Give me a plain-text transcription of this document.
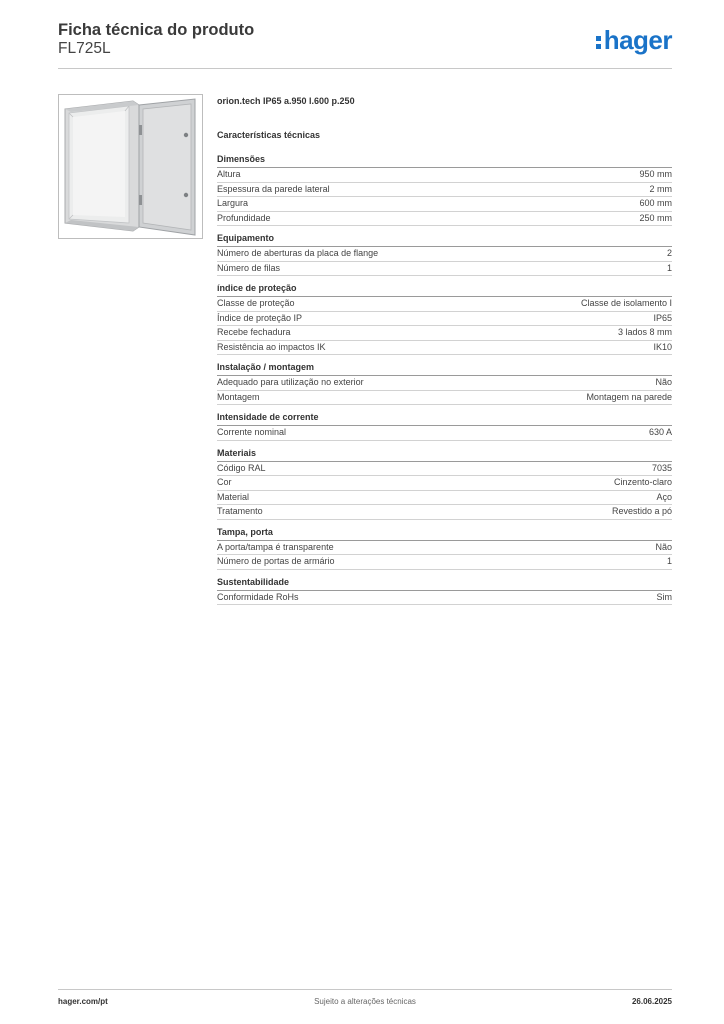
Ficha técnica do produto
FL725L	hager
orion.tech IP65 a.950 l.600 p.250
Características técnicas
Dimensões
Altura	950 mm
Espessura da parede lateral	2 mm
Largura	600 mm
Profundidade	250 mm
Equipamento
Número de aberturas da placa de flange	2
Número de filas	1
índice de proteção
Classe de proteção	Classe de isolamento I
Índice de proteção IP	IP65
Recebe fechadura	3 lados 8 mm
Resistência ao impactos IK	IK10
Instalação / montagem
Adequado para utilização no exterior	Não
Montagem	Montagem na parede
Intensidade de corrente
Corrente nominal	630 A
Materiais
Código RAL	7035
Cor	Cinzento-claro
Material	Aço
Tratamento	Revestido a pó
Tampa, porta
A porta/tampa é transparente	Não
Número de portas de armário	1
Sustentabilidade
Conformidade RoHs	Sim
hager.com/pt	Sujeito a alterações técnicas	26.06.2025
